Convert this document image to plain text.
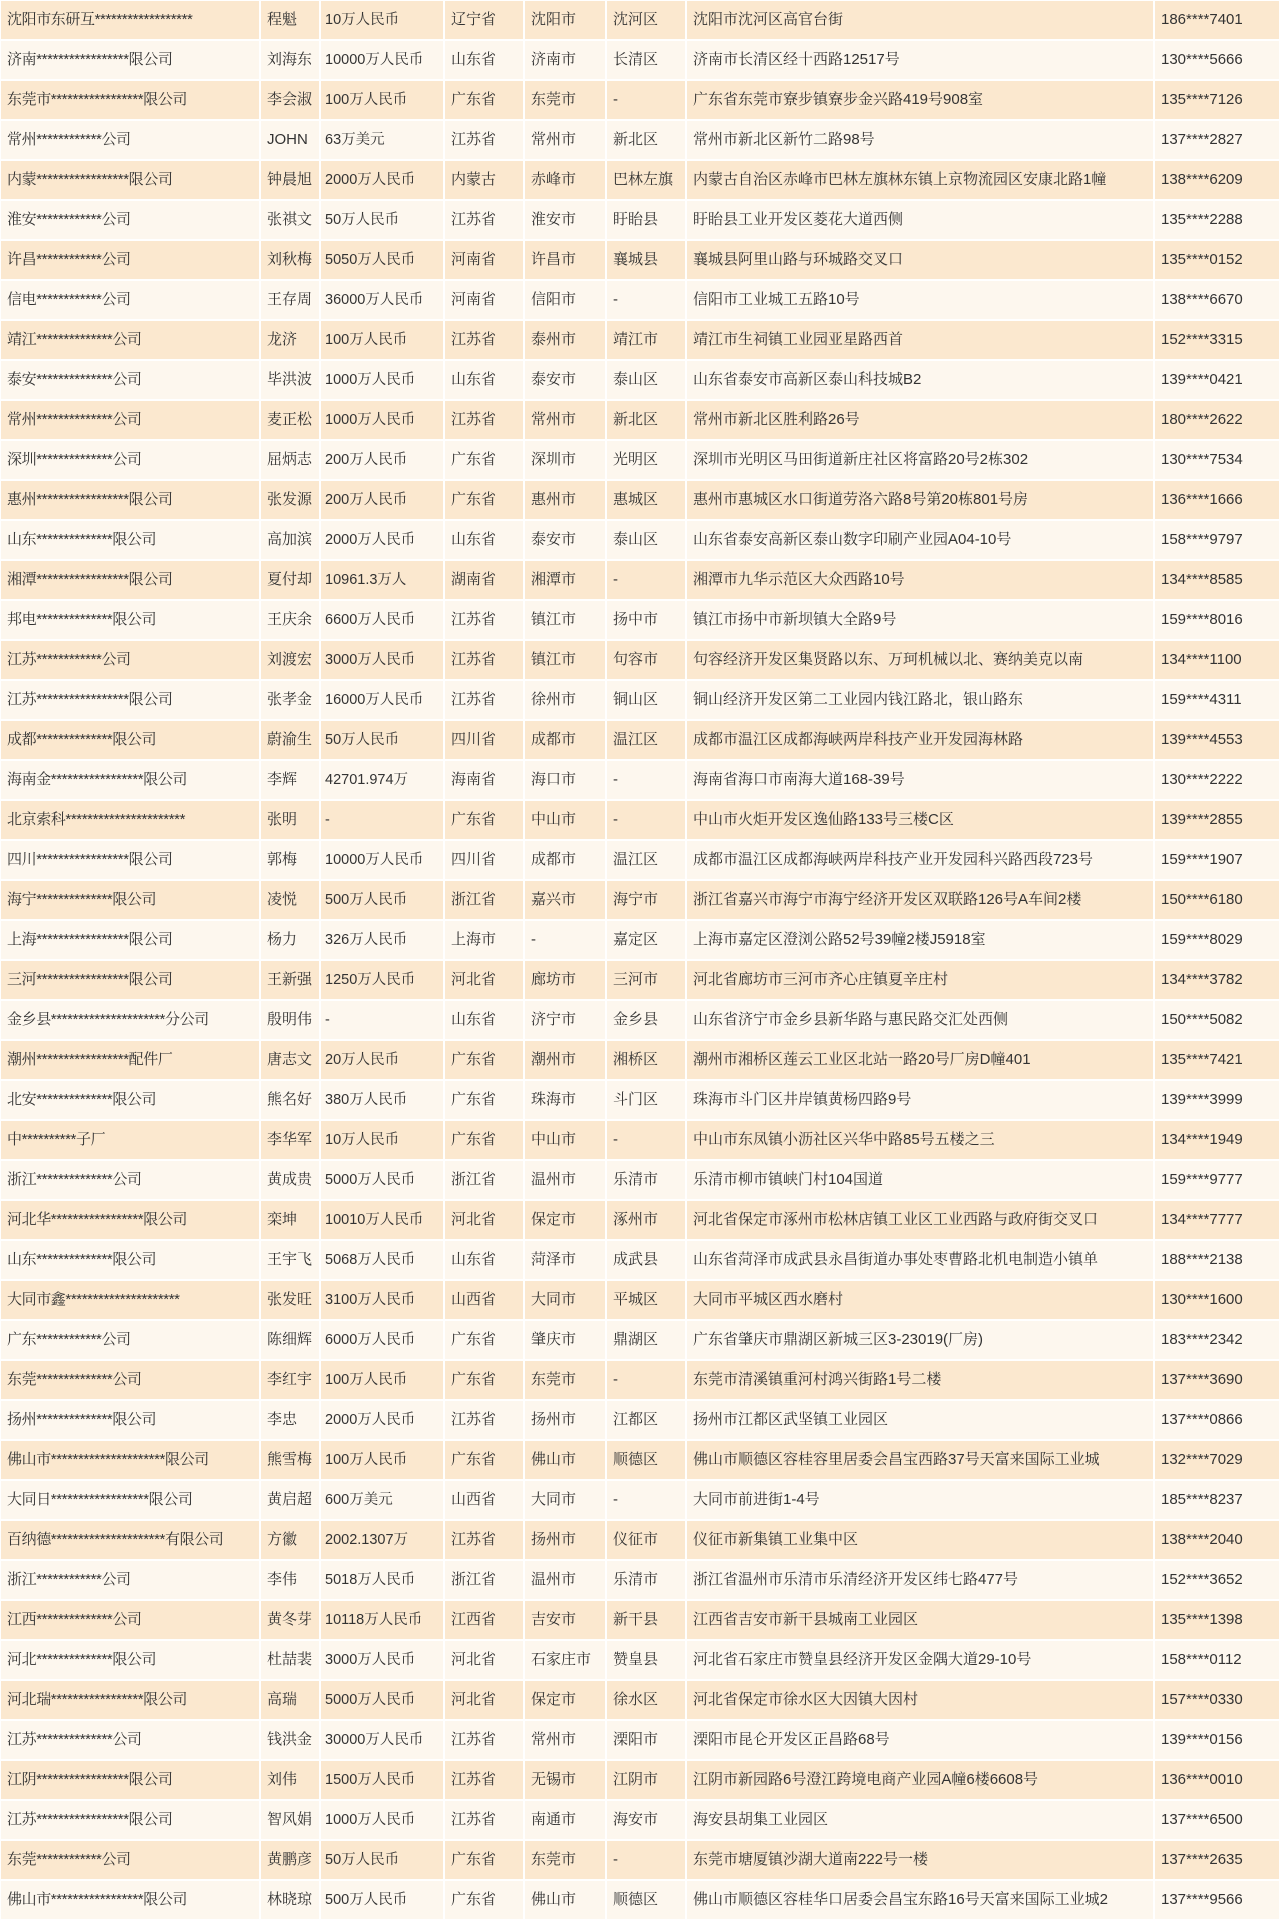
沈阳市东研互******************	程魁	10万人民币	辽宁省	沈阳市	沈河区	沈阳市沈河区高官台街	186****7401
济南*****************限公司	刘海东 10000万人民币	山东省	济南市	长清区	济南市长清区经十西路12517号	130****5666
东莞市*****************限公司	李会淑 100万人民币	广东省	东莞市	-	广东省东莞市寮步镇寮步金兴路419号908室	135****7126
常州************公司	JOHN	63万美元	江苏省	常州市	新北区	常州市新北区新竹二路98号	137****2827
内蒙*****************限公司	钟晨旭 2000万人民币	内蒙古	赤峰市	巴林左旗	内蒙古自治区赤峰市巴林左旗林东镇上京物流园区安康北路1幢	138****6209
淮安************公司	张祺文 50万人民币	江苏省	淮安市	盱眙县	盱眙县工业开发区菱花大道西侧	135****2288
许昌************公司	刘秋梅 5050万人民币	河南省	许昌市	襄城县	襄城县阿里山路与环城路交叉口	135****0152
信电************公司	王存周 36000万人民币	河南省	信阳市	-	信阳市工业城工五路10号	138****6670
靖江**************公司	龙济	100万人民币	江苏省	泰州市	靖江市	靖江市生祠镇工业园亚星路西首	152****3315
泰安**************公司	毕洪波 1000万人民币	山东省	泰安市	泰山区	山东省泰安市高新区泰山科技城B2	139****0421
常州**************公司	麦正松 1000万人民币	江苏省	常州市	新北区	常州市新北区胜利路26号	180****2622
深圳**************公司	屈炳志 200万人民币	广东省	深圳市	光明区	深圳市光明区马田街道新庄社区将富路20号2栋302	130****7534
惠州*****************限公司	张发源 200万人民币	广东省	惠州市	惠城区	惠州市惠城区水口街道劳洛六路8号第20栋801号房	136****1666
山东**************限公司	高加滨 2000万人民币	山东省	泰安市	泰山区	山东省泰安高新区泰山数字印刷产业园A04-10号	158****9797
湘潭*****************限公司	夏付却 10961.3万人	湖南省	湘潭市	-	湘潭市九华示范区大众西路10号	134****8585
邦电**************限公司	王庆余 6600万人民币	江苏省	镇江市	扬中市	镇江市扬中市新坝镇大全路9号	159****8016
江苏************公司	刘渡宏 3000万人民币	江苏省	镇江市	句容市	句容经济开发区集贤路以东、万珂机械以北、赛纳美克以南	134****1100
江苏*****************限公司	张孝金 16000万人民币	江苏省	徐州市	铜山区	铜山经济开发区第二工业园内钱江路北，银山路东	159****4311
成都**************限公司	蔚渝生 50万人民币	四川省	成都市	温江区	成都市温江区成都海峡两岸科技产业开发园海林路	139****4553
海南金*****************限公司	李辉	42701.974万	海南省	海口市	-	海南省海口市南海大道168-39号	130****2222
北京索科**********************	张明	-	广东省	中山市	-	中山市火炬开发区逸仙路133号三楼C区	139****2855
四川*****************限公司	郭梅	10000万人民币	四川省	成都市	温江区	成都市温江区成都海峡两岸科技产业开发园科兴路西段723号	159****1907
海宁**************限公司	凌悦	500万人民币	浙江省	嘉兴市	海宁市	浙江省嘉兴市海宁市海宁经济开发区双联路126号A车间2楼	150****6180
上海*****************限公司	杨力	326万人民币	上海市	-	嘉定区	上海市嘉定区澄浏公路52号39幢2楼J5918室	159****8029
三河*****************限公司	王新强 1250万人民币	河北省	廊坊市	三河市	河北省廊坊市三河市齐心庄镇夏辛庄村	134****3782
金乡县*********************分公司	殷明伟 -	山东省	济宁市	金乡县	山东省济宁市金乡县新华路与惠民路交汇处西侧	150****5082
潮州*****************配件厂	唐志文 20万人民币	广东省	潮州市	湘桥区	潮州市湘桥区莲云工业区北站一路20号厂房D幢401	135****7421
北安**************限公司	熊名好 380万人民币	广东省	珠海市	斗门区	珠海市斗门区井岸镇黄杨四路9号	139****3999
中**********子厂	李华军 10万人民币	广东省	中山市	-	中山市东凤镇小沥社区兴华中路85号五楼之三	134****1949
浙江**************公司	黄成贵 5000万人民币	浙江省	温州市	乐清市	乐清市柳市镇峡门村104国道	159****9777
河北华*****************限公司	栾坤	10010万人民币	河北省	保定市	涿州市	河北省保定市涿州市松林店镇工业区工业西路与政府街交叉口	134****7777
山东**************限公司	王宇飞 5068万人民币	山东省	菏泽市	成武县	山东省菏泽市成武县永昌街道办事处枣曹路北机电制造小镇单	188****2138
大同市鑫*********************	张发旺 3100万人民币	山西省	大同市	平城区	大同市平城区西水磨村	130****1600
广东************公司	陈细辉 6000万人民币	广东省	肇庆市	鼎湖区	广东省肇庆市鼎湖区新城三区3-23019(厂房)	183****2342
东莞**************公司	李红宇 100万人民币	广东省	东莞市	-	东莞市清溪镇重河村鸿兴街路1号二楼	137****3690
扬州**************限公司	李忠	2000万人民币	江苏省	扬州市	江都区	扬州市江都区武坚镇工业园区	137****0866
佛山市*********************限公司	熊雪梅 100万人民币	广东省	佛山市	顺德区	佛山市顺德区容桂容里居委会昌宝西路37号天富来国际工业城	132****7029
大同日******************限公司	黄启超 600万美元	山西省	大同市	-	大同市前进街1-4号	185****8237
百纳德*********************有限公司	方徽	2002.1307万	江苏省	扬州市	仪征市	仪征市新集镇工业集中区	138****2040
浙江************公司	李伟	5018万人民币	浙江省	温州市	乐清市	浙江省温州市乐清市乐清经济开发区纬七路477号	152****3652
江西**************公司	黄冬芽 10118万人民币	江西省	吉安市	新干县	江西省吉安市新干县城南工业园区	135****1398
河北**************限公司	杜喆裴 3000万人民币	河北省	石家庄市	赞皇县	河北省石家庄市赞皇县经济开发区金隅大道29-10号	158****0112
河北瑞*****************限公司	高瑞	5000万人民币	河北省	保定市	徐水区	河北省保定市徐水区大因镇大因村	157****0330
江苏**************公司	钱洪金 30000万人民币	江苏省	常州市	溧阳市	溧阳市昆仑开发区正昌路68号	139****0156
江阴*****************限公司	刘伟	1500万人民币	江苏省	无锡市	江阴市	江阴市新园路6号澄江跨境电商产业园A幢6楼6608号	136****0010
江苏*****************限公司	智风娟 1000万人民币	江苏省	南通市	海安市	海安县胡集工业园区	137****6500
东莞************公司	黄鹏彦 50万人民币	广东省	东莞市	-	东莞市塘厦镇沙湖大道南222号一楼	137****2635
佛山市*****************限公司	林晓琼 500万人民币	广东省	佛山市	顺德区	佛山市顺德区容桂华口居委会昌宝东路16号天富来国际工业城2	137****9566
